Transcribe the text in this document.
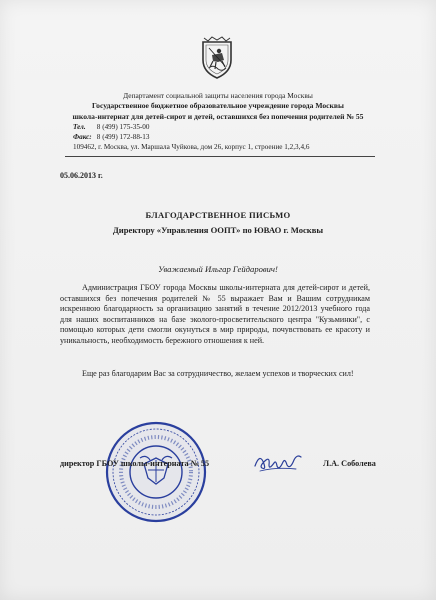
Департамент социальной защиты населения города Москвы
Государственное бюджетное образовательное учреждение города Москвы
школа-интернат для детей-сирот и детей, оставшихся без попечения родителей № 55
Тел. 8 (499) 175-35-00
Факс: 8 (499) 172-88-13
109462, г. Москва, ул. Маршала Чуйкова, дом 26, корпус 1, строение 1,2,3,4,6
05.06.2013 г.
БЛАГОДАРСТВЕННОЕ ПИСЬМО
Директору «Управления ООПТ» по ЮВАО г. Москвы
Уважаемый Ильгар Гейдарович!
Администрация ГБОУ города Москвы школы-интерната для детей-сирот и детей, оставшихся без попечения родителей № 55 выражает Вам и Вашим сотрудникам искреннюю благодарность за организацию занятий в течение 2012/2013 учебного года для наших воспитанников на базе эколого-просветительского центра "Кузьминки", с помощью которых дети смогли окунуться в мир природы, почувствовать ее красоту и уникальность, необходимость бережного отношения к ней.
Еще раз благодарим Вас за сотрудничество, желаем успехов и творческих сил!
директор ГБОУ школы-интерната № 55	Л.А. Соболева
